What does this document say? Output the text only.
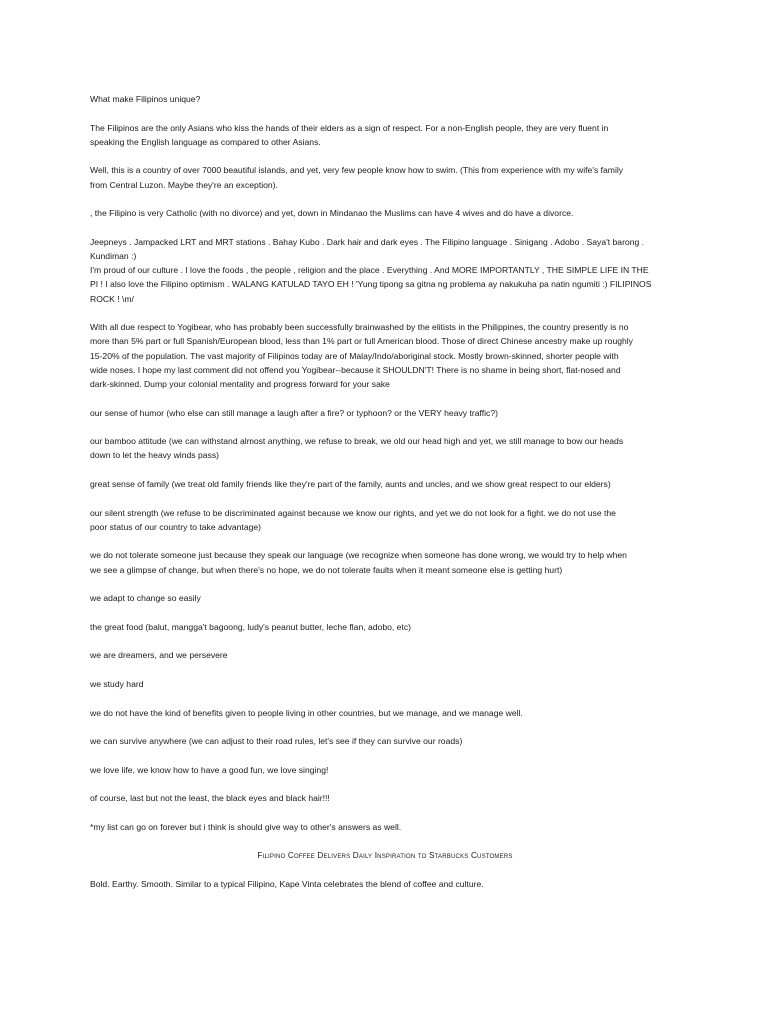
What make Filipinos unique?

The Filipinos are the only Asians who kiss the hands of their elders as a sign of respect. For a non-English people, they are very fluent in
speaking the English language as compared to other Asians.

Well, this is a country of over 7000 beautiful islands, and yet, very few people know how to swim. (This from experience with my wife's family
from Central Luzon. Maybe they're an exception).

, the Filipino is very Catholic (with no divorce) and yet, down in Mindanao the Muslims can have 4 wives and do have a divorce.

Jeepneys . Jampacked LRT and MRT stations . Bahay Kubo . Dark hair and dark eyes . The Filipino language . Sinigang . Adobo . Saya't barong .
Kundiman :)
I'm proud of our culture . I love the foods , the people , religion and the place . Everything . And MORE IMPORTANTLY , THE SIMPLE LIFE IN THE
PI ! I also love the Filipino optimism . WALANG KATULAD TAYO EH ! 'Yung tipong sa gitna ng problema ay nakukuha pa natin ngumiti :) FILIPINOS
ROCK ! \m/

With all due respect to Yogibear, who has probably been successfully brainwashed by the elitists in the Philippines, the country presently is no
more than 5% part or full Spanish/European blood, less than 1% part or full American blood. Those of direct Chinese ancestry make up roughly
15-20% of the population. The vast majority of Filipinos today are of Malay/Indo/aboriginal stock. Mostly brown-skinned, shorter people with
wide noses. I hope my last comment did not offend you Yogibear--because it SHOULDN'T! There is no shame in being short, flat-nosed and
dark-skinned. Dump your colonial mentality and progress forward for your sake

our sense of humor (who else can still manage a laugh after a fire? or typhoon? or the VERY heavy traffic?)

our bamboo attitude (we can withstand almost anything, we refuse to break, we old our head high and yet, we still manage to bow our heads
down to let the heavy winds pass)

great sense of family (we treat old family friends like they're part of the family, aunts and uncles, and we show great respect to our elders)

our silent strength (we refuse to be discriminated against because we know our rights, and yet we do not look for a fight. we do not use the
poor status of our country to take advantage)

we do not tolerate someone just because they speak our language (we recognize when someone has done wrong, we would try to help when
we see a glimpse of change, but when there's no hope, we do not tolerate faults when it meant someone else is getting hurt)

we adapt to change so easily

the great food (balut, mangga't bagoong, ludy's peanut butter, leche flan, adobo, etc)

we are dreamers, and we persevere

we study hard

we do not have the kind of benefits given to people living in other countries, but we manage, and we manage well.

we can survive anywhere (we can adjust to their road rules, let's see if they can survive our roads)

we love life, we know how to have a good fun, we love singing!

of course, last but not the least, the black eyes and black hair!!!

*my list can go on forever but i think is should give way to other's answers as well.

Filipino Coffee Delivers Daily Inspiration to Starbucks Customers

Bold. Earthy. Smooth. Similar to a typical Filipino, Kape Vinta celebrates the blend of coffee and culture.
